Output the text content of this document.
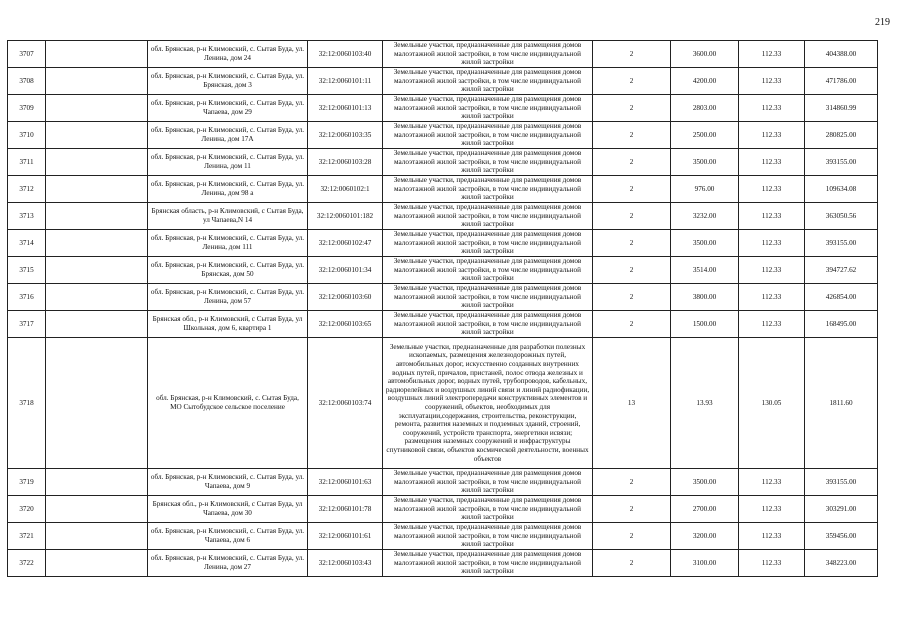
219
3707		обл. Брянская, р-н Климовский, с. Сытая Буда, ул. Ленина, дом 24	32:12:0060103:40	Земельные участки, предназначенные для размещения домов малоэтажной жилой застройки, в том числе индивидуальной жилой застройки	2	3600.00	112.33	404388.00
3708		обл. Брянская, р-н Климовский, с. Сытая Буда, ул. Брянская, дом 3	32:12:0060101:11	Земельные участки, предназначенные для размещения домов малоэтажной жилой застройки, в том числе индивидуальной жилой застройки	2	4200.00	112.33	471786.00
3709		обл. Брянская, р-н Климовский, с. Сытая Буда, ул. Чапаева, дом 29	32:12:0060101:13	Земельные участки, предназначенные для размещения домов малоэтажной жилой застройки, в том числе индивидуальной жилой застройки	2	2803.00	112.33	314860.99
3710		обл. Брянская, р-н Климовский, с. Сытая Буда, ул. Ленина, дом 17А	32:12:0060103:35	Земельные участки, предназначенные для размещения домов малоэтажной жилой застройки, в том числе индивидуальной жилой застройки	2	2500.00	112.33	280825.00
3711		обл. Брянская, р-н Климовский, с. Сытая Буда, ул. Ленина, дом 11	32:12:0060103:28	Земельные участки, предназначенные для размещения домов малоэтажной жилой застройки, в том числе индивидуальной жилой застройки	2	3500.00	112.33	393155.00
3712		обл. Брянская, р-н Климовский, с. Сытая Буда, ул. Ленина, дом 98 а	32:12:0060102:1	Земельные участки, предназначенные для размещения домов малоэтажной жилой застройки, в том числе индивидуальной жилой застройки	2	976.00	112.33	109634.08
3713		Брянская область, р-н Климовский, с Сытая Буда, ул Чапаева,N 14	32:12:0060101:182	Земельные участки, предназначенные для размещения домов малоэтажной жилой застройки, в том числе индивидуальной жилой застройки	2	3232.00	112.33	363050.56
3714		обл. Брянская, р-н Климовский, с. Сытая Буда, ул. Ленина, дом 111	32:12:0060102:47	Земельные участки, предназначенные для размещения домов малоэтажной жилой застройки, в том числе индивидуальной жилой застройки	2	3500.00	112.33	393155.00
3715		обл. Брянская, р-н Климовский, с. Сытая Буда, ул. Брянская, дом 50	32:12:0060101:34	Земельные участки, предназначенные для размещения домов малоэтажной жилой застройки, в том числе индивидуальной жилой застройки	2	3514.00	112.33	394727.62
3716		обл. Брянская, р-н Климовский, с. Сытая Буда, ул. Ленина, дом 57	32:12:0060103:60	Земельные участки, предназначенные для размещения домов малоэтажной жилой застройки, в том числе индивидуальной жилой застройки	2	3800.00	112.33	426854.00
3717		Брянская обл., р-н Климовский, с Сытая Буда, ул Школьная, дом 6, квартира 1	32:12:0060103:65	Земельные участки, предназначенные для размещения домов малоэтажной жилой застройки, в том числе индивидуальной жилой застройки	2	1500.00	112.33	168495.00
3718		обл. Брянская, р-н Климовский, с. Сытая Буда, МО Сытобудское сельское поселение	32:12:0060103:74	Земельные участки, предназначенные для разработки полезных ископаемых, размещения железнодорожных путей, автомобильных дорог, искусственно созданных внутренних водных путей, причалов, пристаней, полос отвода железных и автомобильных дорог, водных путей, трубопроводов, кабельных, радиорелейных и воздушных линий связи и линий радиофикации, воздушных линий электропередачи конструктивных элементов и сооружений, объектов, необходимых для эксплуатации,содержания, строительства, реконструкции, ремонта, развития наземных и подземных зданий, строений, сооружений, устройств транспорта, энергетики исвязи; размещения наземных сооружений и инфраструктуры спутниковой связи, объектов космической деятельности, военных объектов	13	13.93	130.05	1811.60
3719		обл. Брянская, р-н Климовский, с. Сытая Буда, ул. Чапаева, дом 9	32:12:0060101:63	Земельные участки, предназначенные для размещения домов малоэтажной жилой застройки, в том числе индивидуальной жилой застройки	2	3500.00	112.33	393155.00
3720		Брянская обл., р-н Климовский, с Сытая Буда, ул Чапаева, дом 30	32:12:0060101:78	Земельные участки, предназначенные для размещения домов малоэтажной жилой застройки, в том числе индивидуальной жилой застройки	2	2700.00	112.33	303291.00
3721		обл. Брянская, р-н Климовский, с. Сытая Буда, ул. Чапаева, дом 6	32:12:0060101:61	Земельные участки, предназначенные для размещения домов малоэтажной жилой застройки, в том числе индивидуальной жилой застройки	2	3200.00	112.33	359456.00
3722		обл. Брянская, р-н Климовский, с. Сытая Буда, ул. Ленина, дом 27	32:12:0060103:43	Земельные участки, предназначенные для размещения домов малоэтажной жилой застройки, в том числе индивидуальной жилой застройки	2	3100.00	112.33	348223.00
